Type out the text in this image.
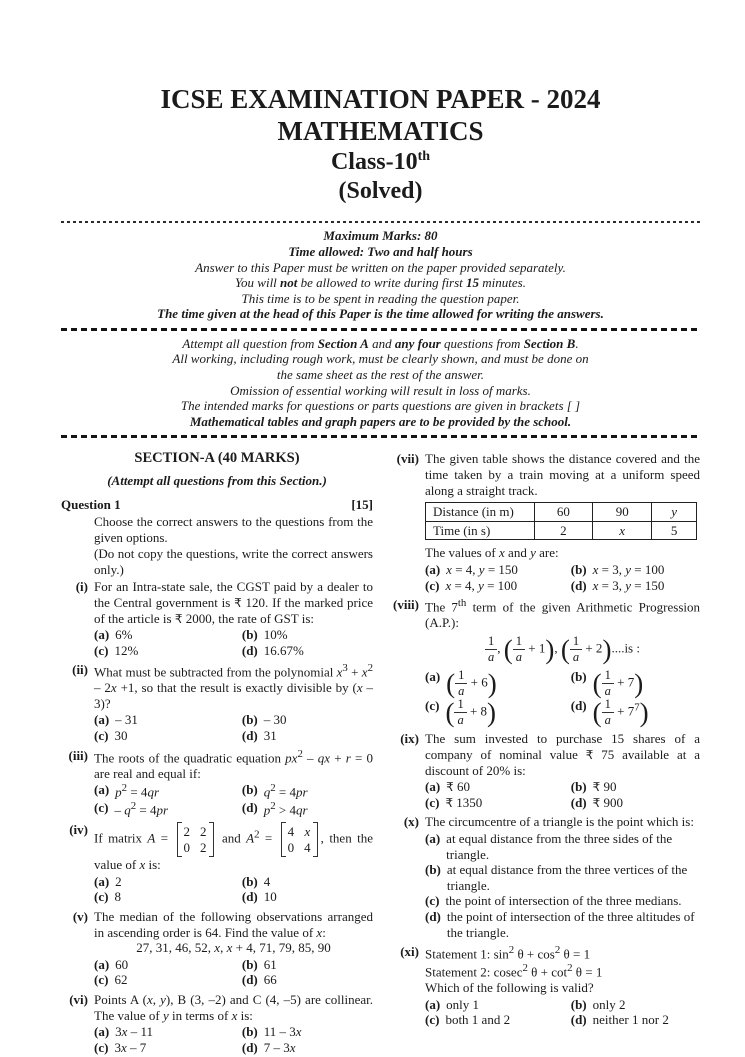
ICSE EXAMINATION PAPER - 2024
MATHEMATICS
Class-10th
(Solved)
Maximum Marks: 80
Time allowed: Two and half hours
Answer to this Paper must be written on the paper provided separately.
You will not be allowed to write during first 15 minutes.
This time is to be spent in reading the question paper.
The time given at the head of this Paper is the time allowed for writing the answers.
Attempt all question from Section A and any four questions from Section B.
All working, including rough work, must be clearly shown, and must be done on
the same sheet as the rest of the answer.
Omission of essential working will result in loss of marks.
The intended marks for questions or parts questions are given in brackets [ ]
Mathematical tables and graph papers are to be provided by the school.
SECTION-A (40 MARKS)
(Attempt all questions from this Section.)
Question 1	[15]

Choose the correct answers to the questions from the given options.

(Do not copy the questions, write the correct answers only.)

(i) For an Intra-state sale, the CGST paid by a dealer to the Central government is ₹ 120. If the marked price of the article is ₹ 2000, the rate of GST is:

(a) 6%	(b) 10%
(c) 12%	(d) 16.67%
(ii) What must be subtracted from the polynomial $x^3 + x^2 - 2x +1$, so that the result is exactly divisible by (x – 3)?

(a) – 31	(b) – 30
(c) 30	(d) 31
(iii) The roots of the quadratic equation $px^2$ – qx + r = 0 are real and equal if:

(a) $p^2 = 4qr$	(b) $q^2 = 4pr$
$(c) - q^2 = 4pr$	(d) $p^2 > 4qr$
(iv)

If matrix A = 2 2
0 2
and $A^2 = 4$ x
0 4
, then the value of x is:

(a) 2	(b) 4
(c) 8	(d) 10
(v) The median of the following observations arranged in ascending order is 64. Find the value of x:

27, 31, 46, 52, x, x + 4, 71, 79, 85, 90

(a) 60	(b) 61
(c) 62	(d) 66
(vi) Points A (x, y), B (3, –2) and C (4, –5) are collinear. The value of y in terms of x is:

(a) 3x – 11	(b) 11 – 3x
(c) 3x – 7	(d) 7 – 3x
(vii) The given table shows the distance covered and the time taken by a train moving at a uniform speed along a straight track.

Distance (in m)	60	90	y
Time (in s)	2	x	5

The values of x and y are:

(a) x = 4, y = 150	(b) x = 3, y = 100
(c) x = 4, y = 100	(d) x = 3, y = 150
(viii) The 7th term of the given Arithmetic Progression (A.P.):

$\frac{1}{a}$ , ( $\frac{1}{a} + 1$), ( $\frac{1}{a} + 2)....is$ :

(a) ( $\frac{1}{a} + 6$)	(b) ( $\frac{1}{a} + 7$)
(c) ( $\frac{1}{a} + 8$)	(d) ( $\frac{1}{a} + 7^7$)
(ix) The sum invested to purchase 15 shares of a company of nominal value ₹ 75 available at a discount of 20% is:

(a) ₹ 60	(b) ₹ 90
(c) ₹ 1350	(d) ₹ 900
(x) The circumcentre of a triangle is the point which is:

(a) at equal distance from the three sides of the triangle.
(b) at equal distance from the three vertices of the triangle.
(c) the point of intersection of the three medians.
(d) the point of intersection of the three altitudes of the triangle.
(xi) Statement 1: $\sin^2 \theta + \cos^2 \theta = 1$

Statement 2: cosec$^2$ $\theta + \cot^2 \theta = 1$

Which of the following is valid?

(a) only 1	(b) only 2
(c) both 1 and 2	(d) neither 1 nor 2
